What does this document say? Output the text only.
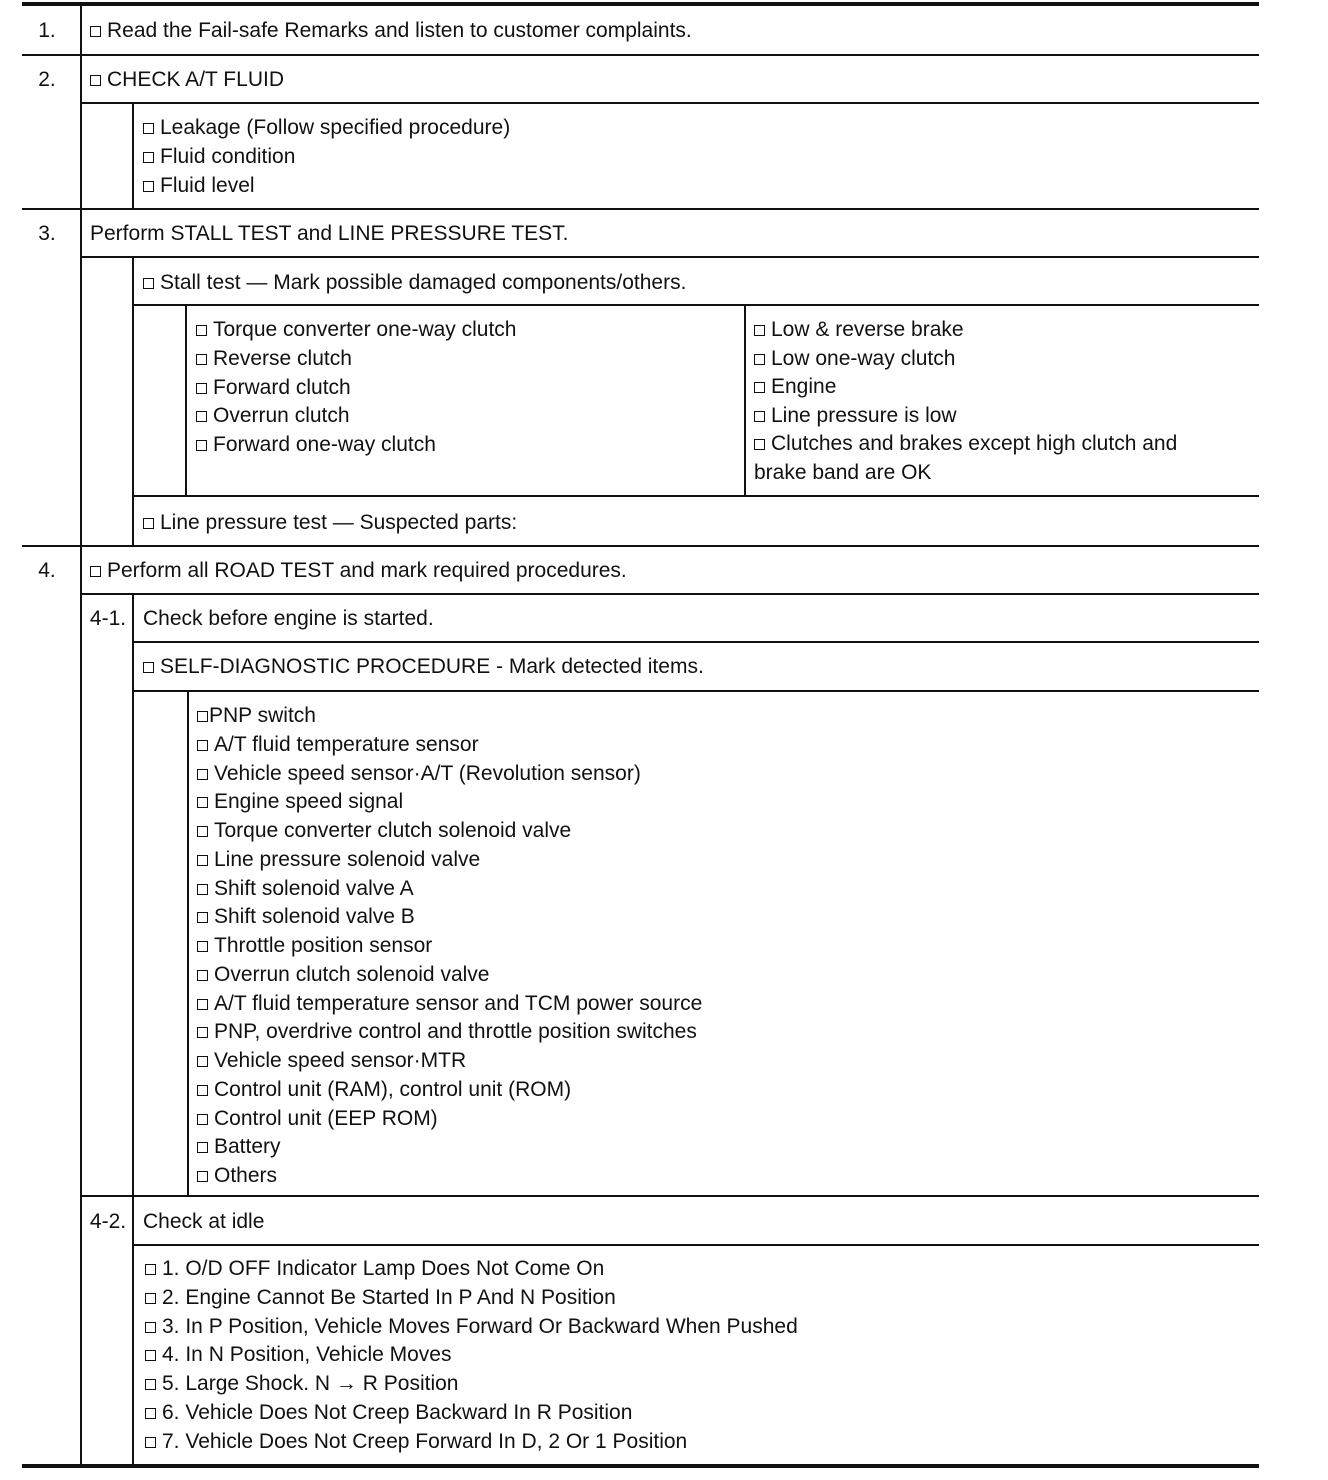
1.	Read the Fail-safe Remarks and listen to customer complaints.
2.	CHECK A/T FLUID
Leakage (Follow specified procedure)
Fluid condition
Fluid level
3.	Perform STALL TEST and LINE PRESSURE TEST.
Stall test — Mark possible damaged components/others.
Torque converter one-way clutch
Reverse clutch
Forward clutch
Overrun clutch
Forward one-way clutch
Low & reverse brake
Low one-way clutch
Engine
Line pressure is low
Clutches and brakes except high clutch and
brake band are OK
Line pressure test — Suspected parts:
4.	Perform all ROAD TEST and mark required procedures.
4-1. Check before engine is started.
SELF-DIAGNOSTIC PROCEDURE - Mark detected items.
PNP switch
A/T fluid temperature sensor
Vehicle speed sensor·A/T (Revolution sensor)
Engine speed signal
Torque converter clutch solenoid valve
Line pressure solenoid valve
Shift solenoid valve A
Shift solenoid valve B
Throttle position sensor
Overrun clutch solenoid valve
A/T fluid temperature sensor and TCM power source
PNP, overdrive control and throttle position switches
Vehicle speed sensor·MTR
Control unit (RAM), control unit (ROM)
Control unit (EEP ROM)
Battery
Others
4-2. Check at idle
1. O/D OFF Indicator Lamp Does Not Come On
2. Engine Cannot Be Started In P And N Position
3. In P Position, Vehicle Moves Forward Or Backward When Pushed
4. In N Position, Vehicle Moves
5. Large Shock. N → R Position
6. Vehicle Does Not Creep Backward In R Position
7. Vehicle Does Not Creep Forward In D, 2 Or 1 Position
